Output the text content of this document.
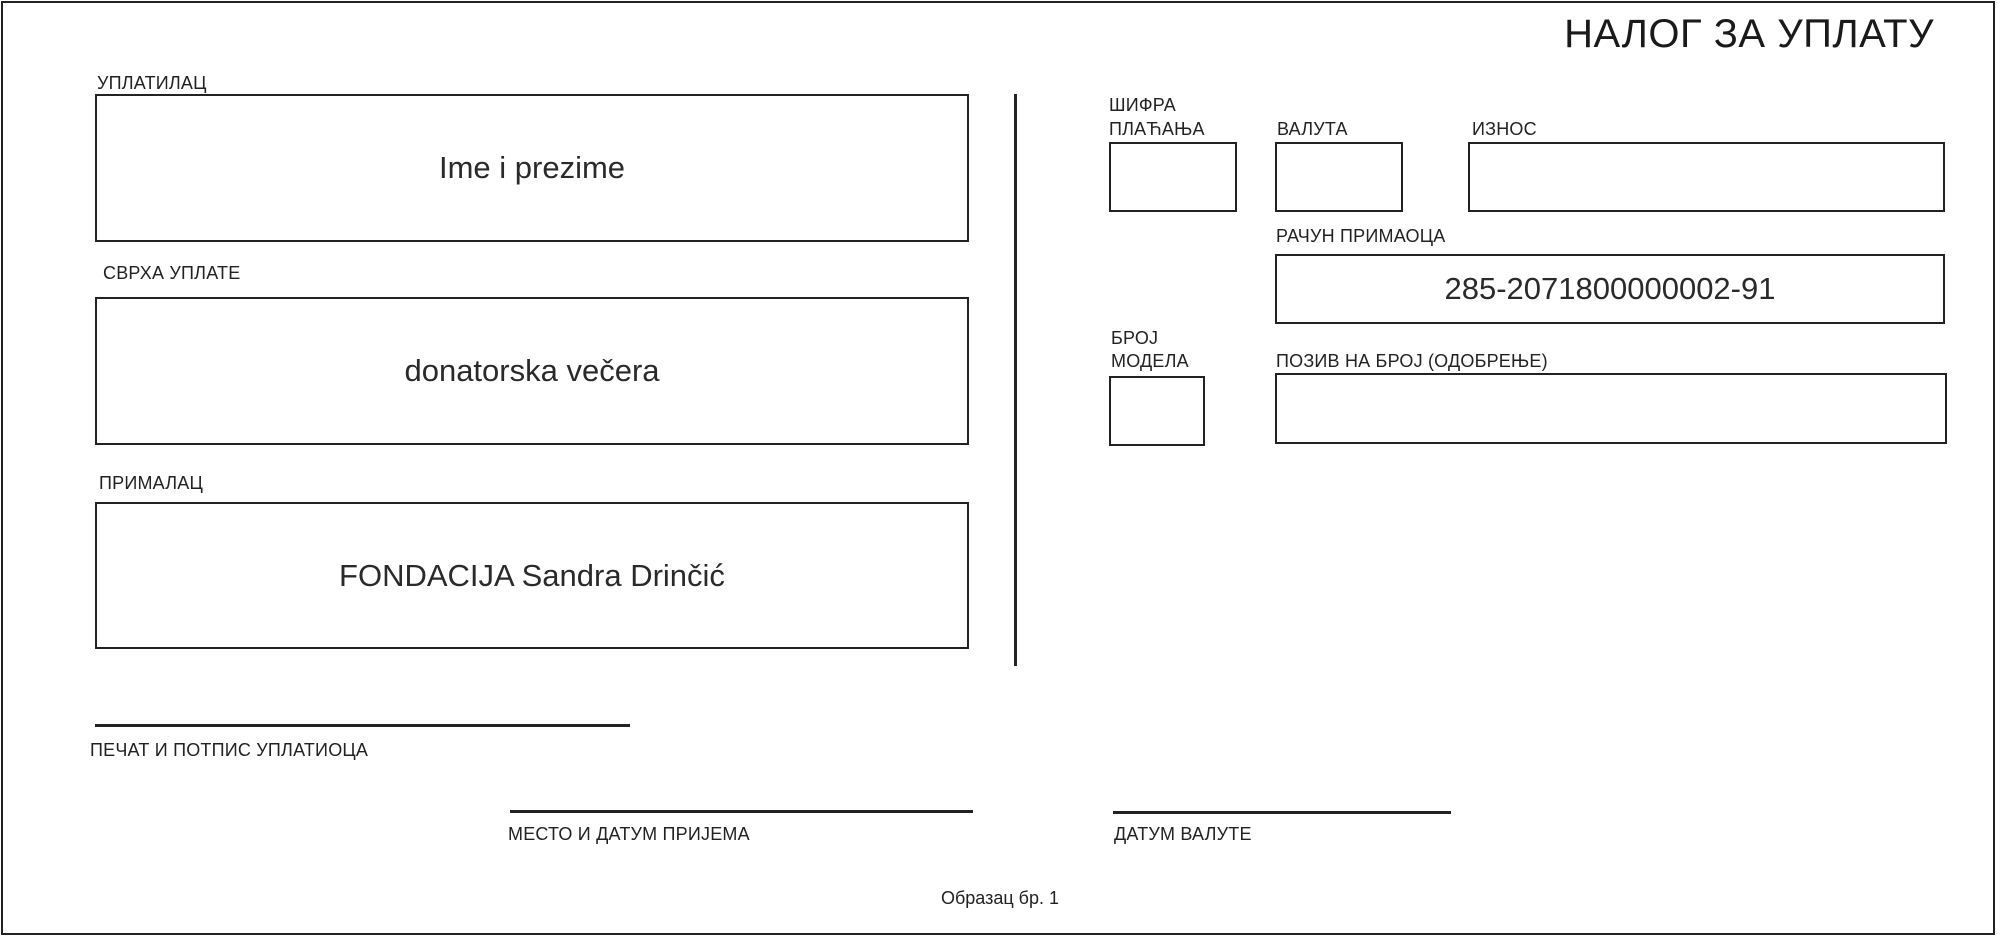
НАЛОГ ЗА УПЛАТУ
УПЛАТИЛАЦ
Ime i prezime
СВРХА УПЛАТЕ
donatorska večera
ПРИМАЛАЦ
FONDACIJA Sandra Drinčić
ПЕЧАТ И ПОТПИС УПЛАТИОЦА
МЕСТО И ДАТУМ ПРИЈЕМА
ШИФРА
ПЛАЋАЊА	ВАЛУТА	ИЗНОС
РАЧУН ПРИМАОЦА
285-2071800000002-91
БРОЈ
МОДЕЛА	ПОЗИВ НА БРОЈ (ОДОБРЕЊЕ)
ДАТУМ ВАЛУТЕ
Образац бр. 1
